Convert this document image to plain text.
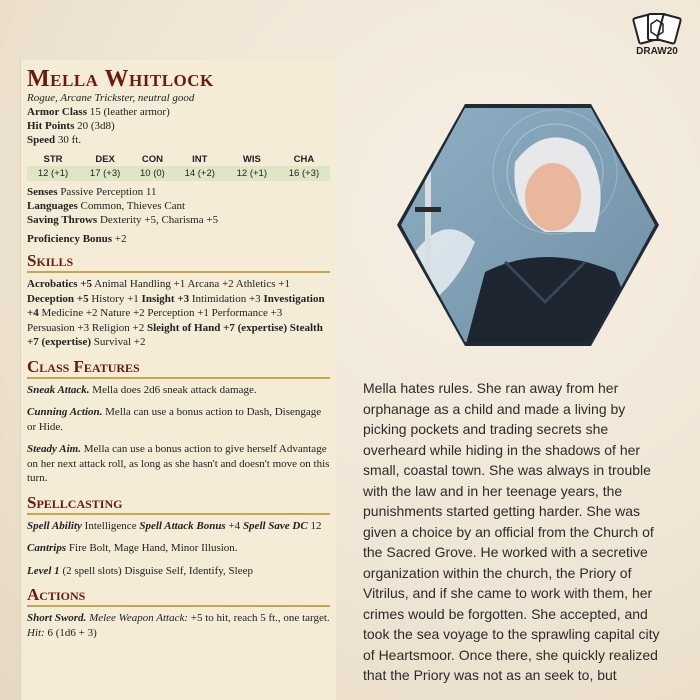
DRAW20
Mella Whitlock
Rogue, Arcane Trickster, neutral good

Armor Class 15 (leather armor)

Hit Points 20 (3d8)

Speed 30 ft.

STR	DEX	CON	INT	WIS	CHA
12 (+1)	17 (+3)	10 (0)	14 (+2)	12 (+1)	16 (+3)

Senses Passive Perception 11

Languages Common, Thieves Cant

Saving Throws Dexterity +5, Charisma +5

Proficiency Bonus +2

Skills

Acrobatics +5 Animal Handling +1 Arcana +2 Athletics +1 Deception +5 History +1 Insight +3 Intimidation +3 Investigation +4 Medicine +2 Nature +2 Perception +1 Performance +3 Persuasion +3 Religion +2 Sleight of Hand +7 (expertise) Stealth +7 (expertise) Survival +2

Class Features

Sneak Attack. Mella does 2d6 sneak attack damage.

Cunning Action. Mella can use a bonus action to Dash, Disengage or Hide.

Steady Aim. Mella can use a bonus action to give herself Advantage on her next attack roll, as long as she hasn't and doesn't move on this turn.

Spellcasting

Spell Ability Intelligence Spell Attack Bonus +4 Spell Save DC 12

Cantrips Fire Bolt, Mage Hand, Minor Illusion.

Level 1 (2 spell slots) Disguise Self, Identify, Sleep

Actions

Short Sword. Melee Weapon Attack: +5 to hit, reach 5 ft., one target. Hit: 6 (1d6 + 3)

Mella hates rules. She ran away from her orphanage as a child and made a living by picking pockets and trading secrets she overheard while hiding in the shadows of her small, coastal town. She was always in trouble with the law and in her teenage years, the punishments started getting harder. She was given a choice by an official from the Church of the Sacred Grove. He worked with a secretive organization within the church, the Priory of Vitrilus, and if she came to work with them, her crimes would be forgotten. She accepted, and took the sea voyage to the sprawling capital city of Heartsmoor. Once there, she quickly realized that the Priory was not as an seek to, but
